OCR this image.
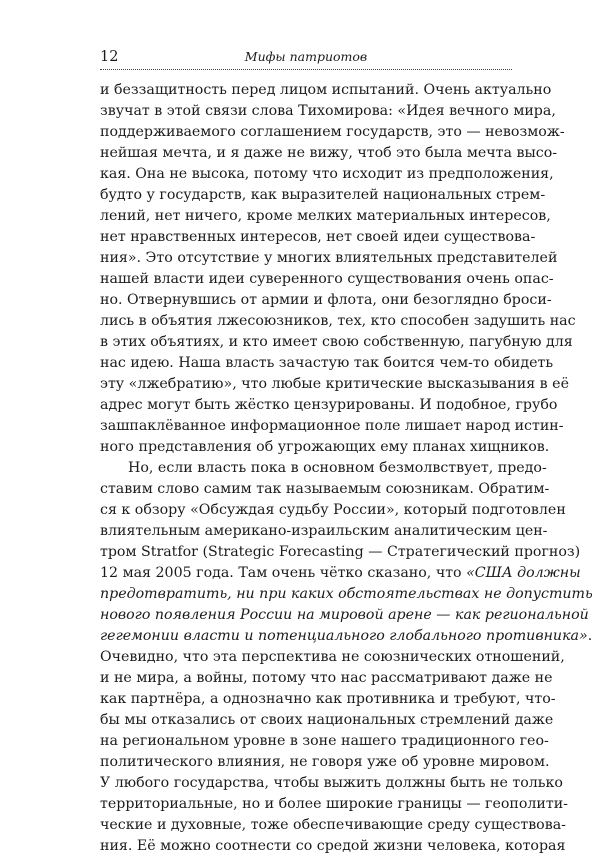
12	Мифы патриотов
и беззащитность перед лицом испытаний. Очень актуально
звучат в этой связи слова Тихомирова: «Идея вечного мира,
поддерживаемого соглашением государств, это — невозмож-
нейшая мечта, и я даже не вижу, чтоб это была мечта высо-
кая. Она не высока, потому что исходит из предположения,
будто у государств, как выразителей национальных стрем-
лений, нет ничего, кроме мелких материальных интересов,
нет нравственных интересов, нет своей идеи существова-
ния». Это отсутствие у многих влиятельных представителей
нашей власти идеи суверенного существования очень опас-
но. Отвернувшись от армии и флота, они безоглядно броси-
лись в объятия лжесоюзников, тех, кто способен задушить нас
в этих объятиях, и кто имеет свою собственную, пагубную для
нас идею. Наша власть зачастую так боится чем-то обидеть
эту «лжебратию», что любые критические высказывания в её
адрес могут быть жёстко цензурированы. И подобное, грубо
зашпаклёванное информационное поле лишает народ истин-
ного представления об угрожающих ему планах хищников.
Но, если власть пока в основном безмолвствует, предо-
ставим слово самим так называемым союзникам. Обратим-
ся к обзору «Обсуждая судьбу России», который подготовлен
влиятельным американо-израильским аналитическим цен-
тром Stratfor (Strategic Forecasting — Стратегический прогноз)
12 мая 2005 года. Там очень чётко сказано, что «США должны
предотвратить, ни при каких обстоятельствах не допустить
нового появления России на мировой арене — как региональной
гегемонии власти и потенциального глобального противника».
Очевидно, что эта перспектива не союзнических отношений,
и не мира, а войны, потому что нас рассматривают даже не
как партнёра, а однозначно как противника и требуют, что-
бы мы отказались от своих национальных стремлений даже
на региональном уровне в зоне нашего традиционного гео-
политического влияния, не говоря уже об уровне мировом.
У любого государства, чтобы выжить должны быть не только
территориальные, но и более широкие границы — геополити-
ческие и духовные, тоже обеспечивающие среду существова-
ния. Её можно соотнести со средой жизни человека, которая
